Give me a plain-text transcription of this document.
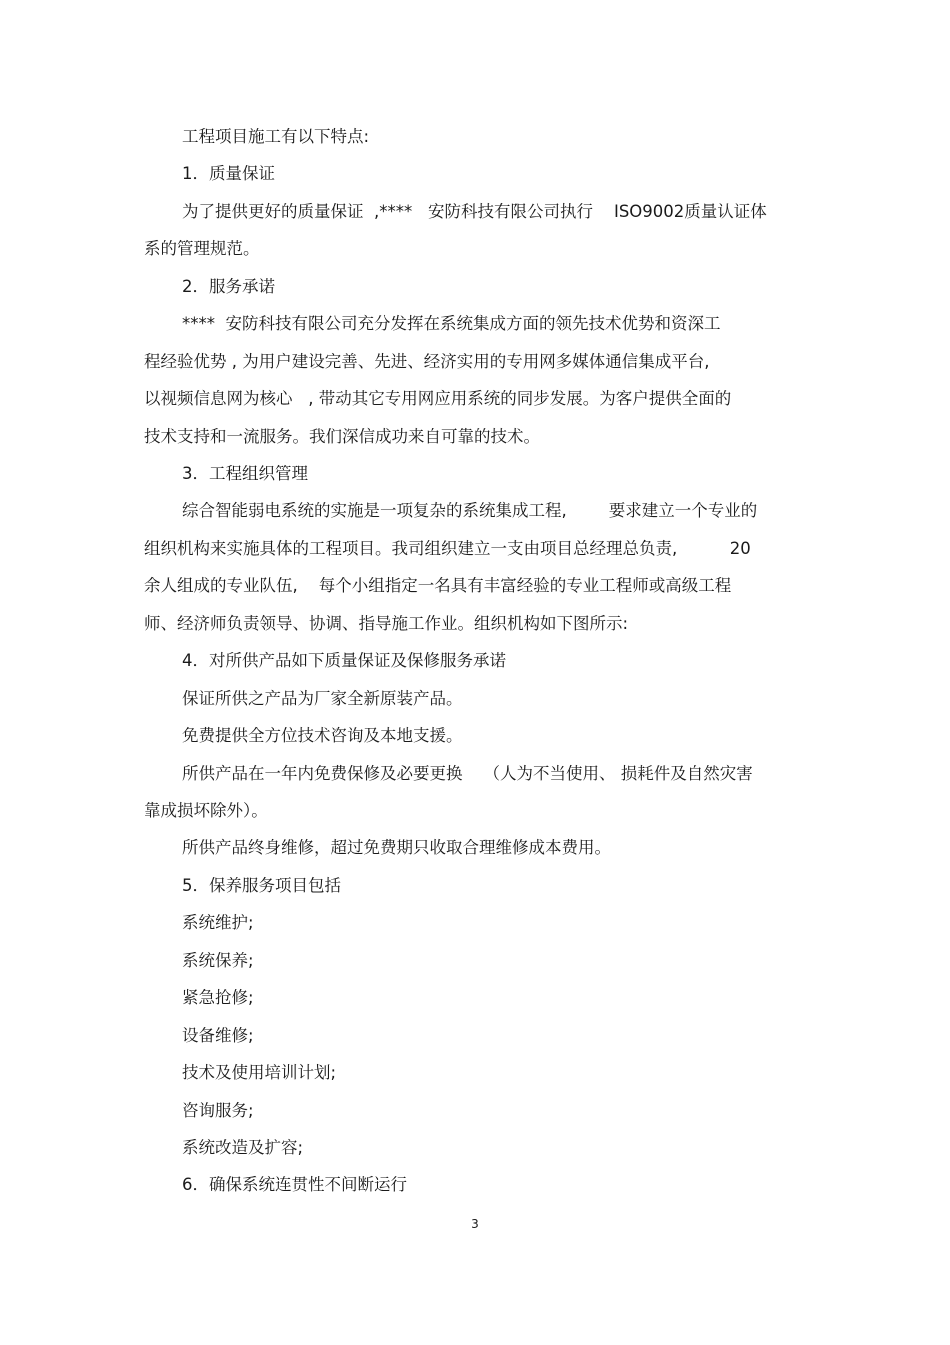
工程项目施工有以下特点:

1．质量保证

为了提供更好的质量保证  ,****   安防科技有限公司执行    ISO9002质量认证体

系的管理规范。

2．服务承诺

****  安防科技有限公司充分发挥在系统集成方面的领先技术优势和资深工

程经验优势 , 为用户建设完善、先进、经济实用的专用网多媒体通信集成平台,

以视频信息网为核心   , 带动其它专用网应用系统的同步发展。为客户提供全面的

技术支持和一流服务。我们深信成功来自可靠的技术。

3．工程组织管理

综合智能弱电系统的实施是一项复杂的系统集成工程,        要求建立一个专业的

组织机构来实施具体的工程项目。我司组织建立一支由项目总经理总负责,          20

余人组成的专业队伍,    每个小组指定一名具有丰富经验的专业工程师或高级工程

师、经济师负责领导、协调、指导施工作业。组织机构如下图所示:

4．对所供产品如下质量保证及保修服务承诺

保证所供之产品为厂家全新原装产品。

免费提供全方位技术咨询及本地支援。

所供产品在一年内免费保修及必要更换    （人为不当使用、 损耗件及自然灾害

靠成损坏除外）。

所供产品终身维修，超过免费期只收取合理维修成本费用。

5．保养服务项目包括

系统维护;

系统保养;

紧急抢修;

设备维修;

技术及使用培训计划;

咨询服务;

系统改造及扩容;

6．确保系统连贯性不间断运行

3
